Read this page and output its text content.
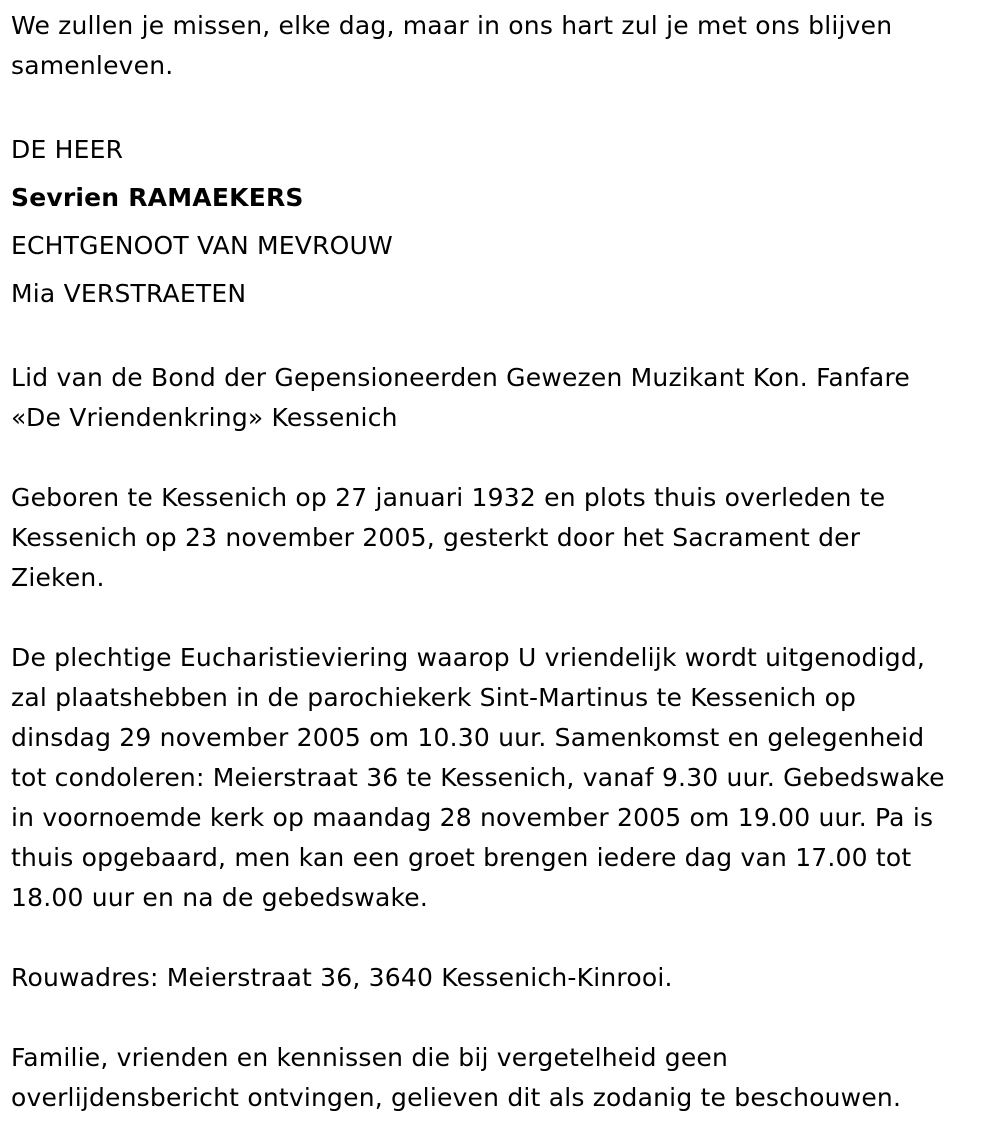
We zullen je missen, elke dag, maar in ons hart zul je met ons blijven
samenleven.

DE HEER
Sevrien RAMAEKERS
ECHTGENOOT VAN MEVROUW
Mia VERSTRAETEN

Lid van de Bond der Gepensioneerden Gewezen Muzikant Kon. Fanfare
«De Vriendenkring» Kessenich

Geboren te Kessenich op 27 januari 1932 en plots thuis overleden te
Kessenich op 23 november 2005, gesterkt door het Sacrament der
Zieken.

De plechtige Eucharistieviering waarop U vriendelijk wordt uitgenodigd,
zal plaatshebben in de parochiekerk Sint-Martinus te Kessenich op
dinsdag 29 november 2005 om 10.30 uur. Samenkomst en gelegenheid
tot condoleren: Meierstraat 36 te Kessenich, vanaf 9.30 uur. Gebedswake
in voornoemde kerk op maandag 28 november 2005 om 19.00 uur. Pa is
thuis opgebaard, men kan een groet brengen iedere dag van 17.00 tot
18.00 uur en na de gebedswake.

Rouwadres: Meierstraat 36, 3640 Kessenich-Kinrooi.

Familie, vrienden en kennissen die bij vergetelheid geen
overlijdensbericht ontvingen, gelieven dit als zodanig te beschouwen.
